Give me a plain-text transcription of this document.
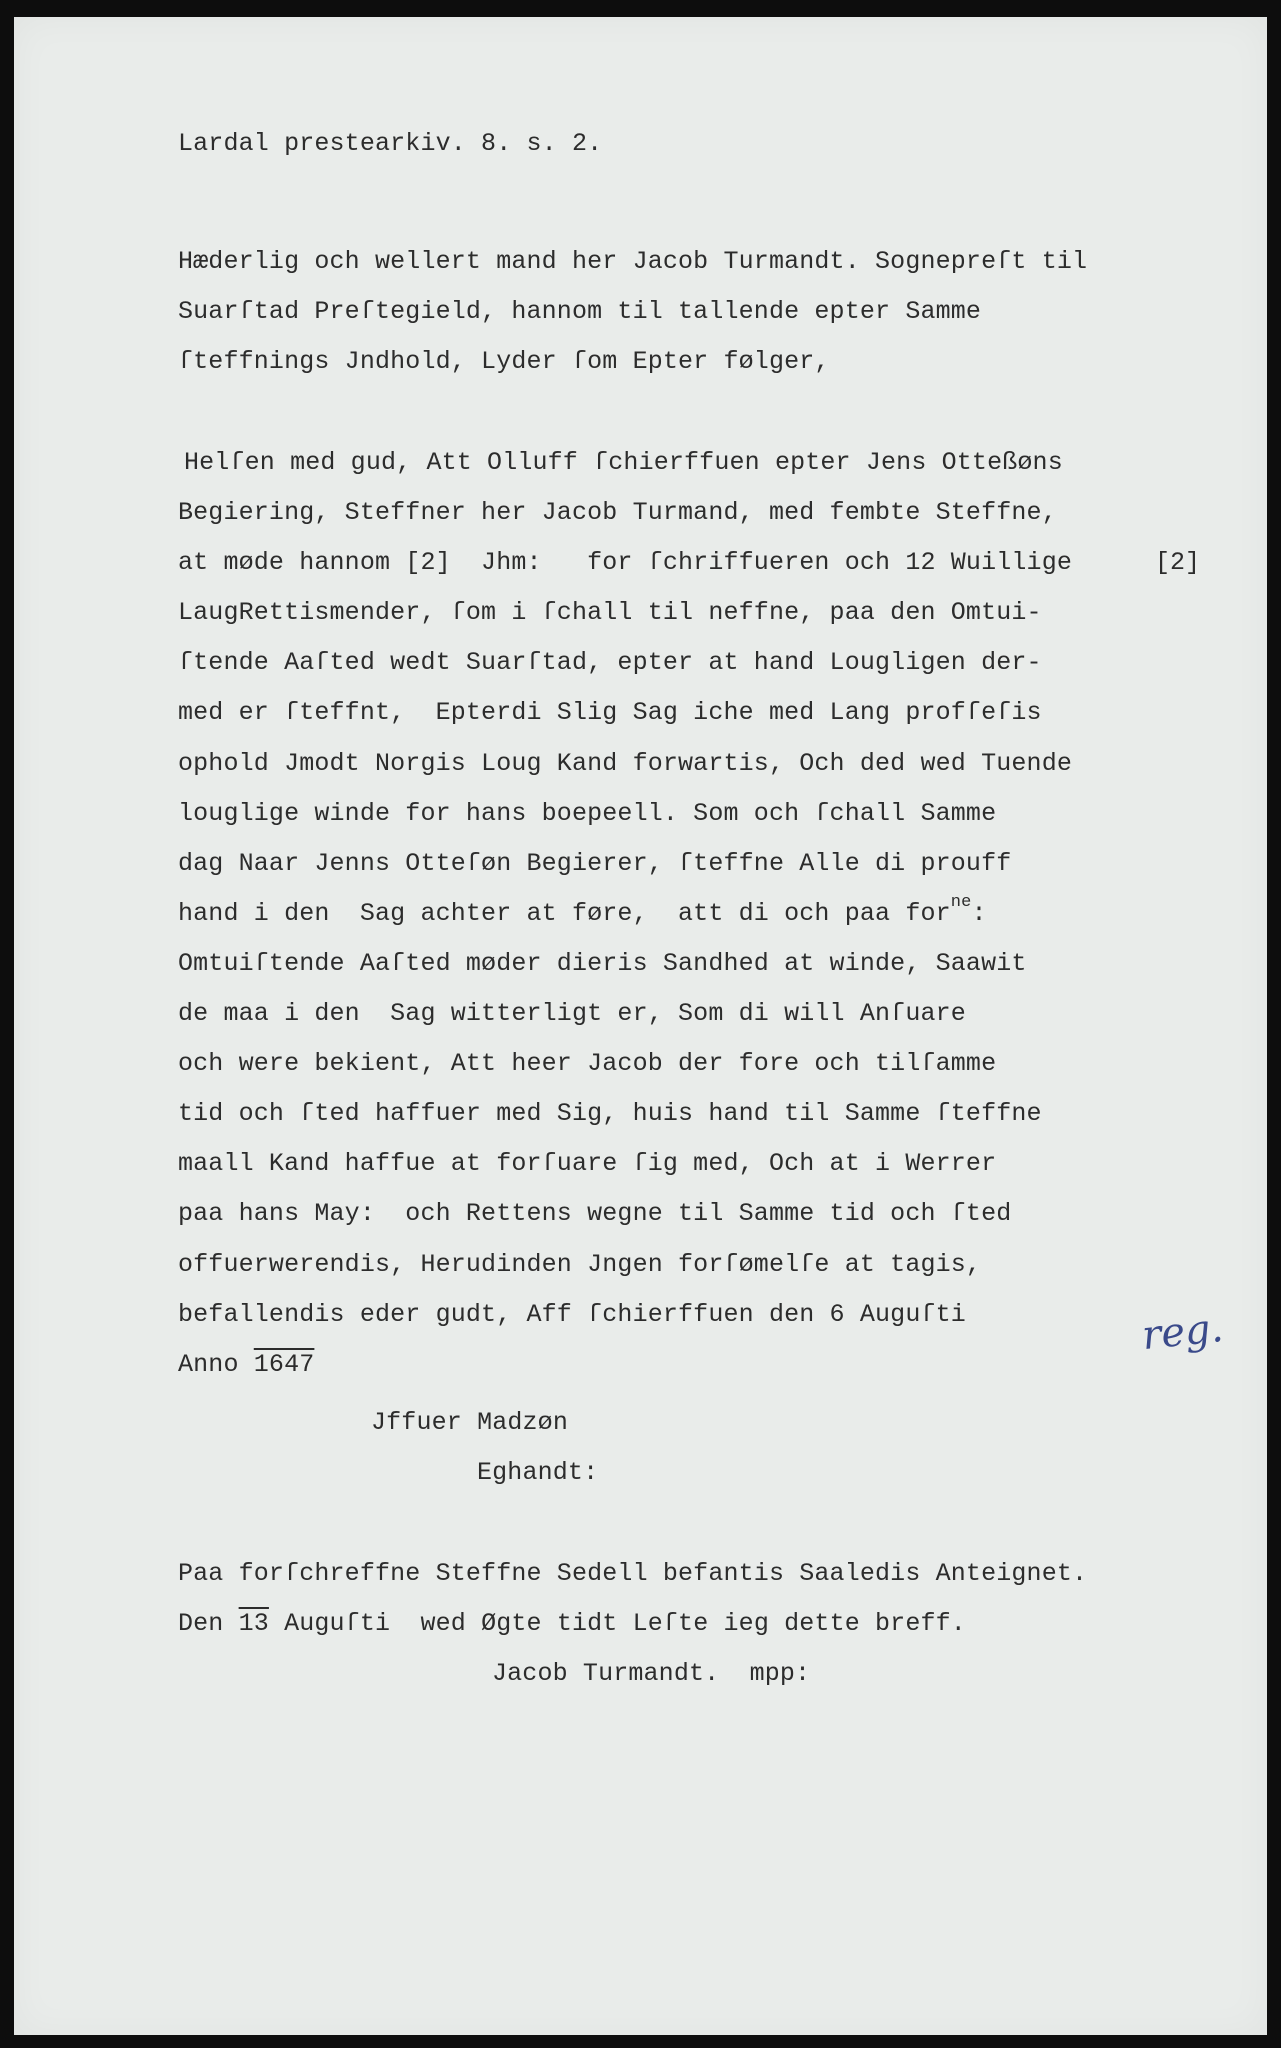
Lardal prestearkiv. 8. s. 2.
Hæderlig och wellert mand her Jacob Turmandt. Sognepreſt til
Suarſtad Preſtegield, hannom til tallende epter Samme
ſteffnings Jndhold, Lyder ſom Epter følger,
Helſen med gud, Att Olluff ſchierffuen epter Jens Otteßøns
Begiering, Steffner her Jacob Turmand, med fembte Steffne,
at møde hannom [2]  Jhm:   for ſchriffueren och 12 Wuillige	[2]
LaugRettismender, ſom i ſchall til neffne, paa den Omtui-
ſtende Aaſted wedt Suarſtad, epter at hand Lougligen der-
med er ſteffnt,  Epterdi Slig Sag iche med Lang profſeſis
ophold Jmodt Norgis Loug Kand forwartis, Och ded wed Tuende
louglige winde for hans boepeell. Som och ſchall Samme
dag Naar Jenns Otteſøn Begierer, ſteffne Alle di prouff
hand i den  Sag achter at føre,  att di och paa for$^{ne}$:
Omtuiſtende Aaſted møder dieris Sandhed at winde, Saawit
de maa i den  Sag witterligt er, Som di will Anſuare
och were bekient, Att heer Jacob der fore och tilſamme
tid och ſted haffuer med Sig, huis hand til Samme ſteffne
maall Kand haffue at forſuare ſig med, Och at i Werrer
paa hans May:  och Rettens wegne til Samme tid och ſted
offuerwerendis, Herudinden Jngen forſømelſe at tagis,
befallendis eder gudt, Aff ſchierffuen den 6 Auguſti
Anno 1647
reg.
Jffuer Madzøn
Eghandt:
Paa forſchreffne Steffne Sedell befantis Saaledis Anteignet.
Den 13 Auguſti  wed Øgte tidt Leſte ieg dette breff.
Jacob Turmandt.  mpp:
